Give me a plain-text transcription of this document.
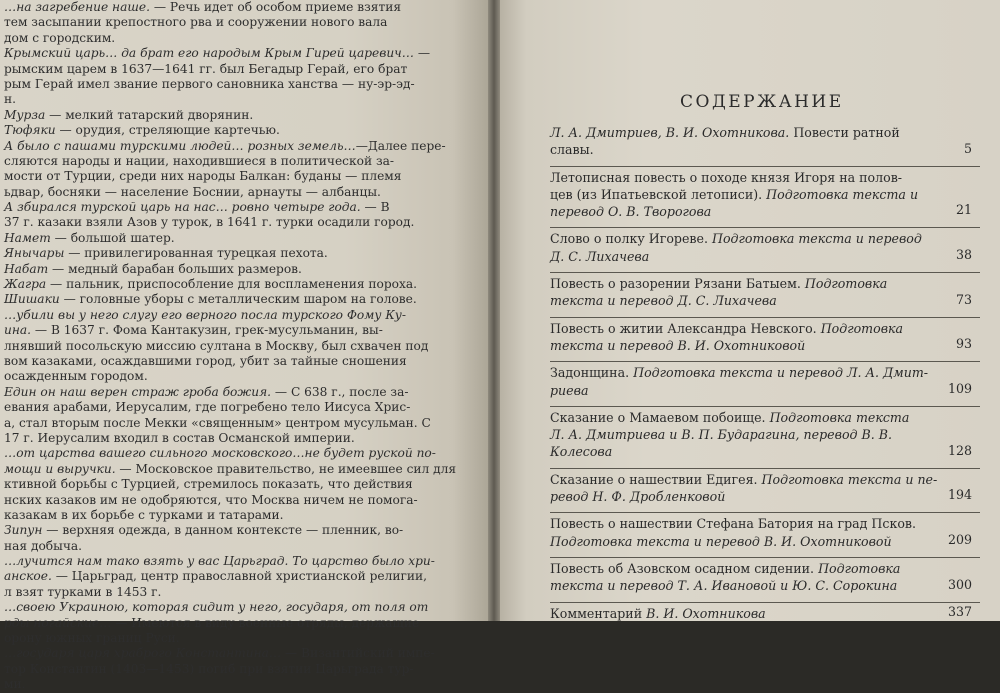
…на загребение наше. — Речь идет об особом приеме взятия
тем засыпании крепостного рва и сооружении нового вала
дом с городским.
Крымский царь… да брат его народым Крым Гирей царевич… —
рымским царем в 1637—1641 гг. был Бегадыр Герай, его брат
рым Герай имел звание первого сановника ханства — ну-эр-эд-
н.
Мурза — мелкий татарский дворянин.
Тюфяки — орудия, стреляющие картечью.
А было с пашами турскими людей… розных земель…—Далее пере-
сляются народы и нации, находившиеся в политической за-
мости от Турции, среди них народы Балкан: буданы — племя
ьдвар, босняки — население Боснии, арнауты — албанцы.
А збирался турской царь на нас… ровно четыре года. — В
37 г. казаки взяли Азов у турок, в 1641 г. турки осадили город.
Намет — большой шатер.
Янычары — привилегированная турецкая пехота.
Набат — медный барабан больших размеров.
Жагра — пальник, приспособление для воспламенения пороха.
Шишаки — головные уборы с металлическим шаром на голове.
…убили вы у него слугу его верного посла турского Фому Ку-
ина. — В 1637 г. Фома Кантакузин, грек-мусульманин, вы-
лнявший посольскую миссию султана в Москву, был схвачен под
вом казаками, осаждавшими город, убит за тайные сношения
осажденным городом.
Един он наш верен страж гроба божия. — С 638 г., после за-
евания арабами, Иерусалим, где погребено тело Иисуса Хрис-
а, стал вторым после Мекки «священным» центром мусульман. С
17 г. Иерусалим входил в состав Османской империи.
…от царства вашего сильного московского…не будет руской по-
мощи и выручки. — Московское правительство, не имеевшее сил для
ктивной борьбы с Турцией, стремилось показать, что действия
нских казаков им не одобряются, что Москва ничем не помога-
казакам в их борьбе с турками и татарами.
Зипун — верхняя одежда, в данном контексте — пленник, во-
ная добыча.
…лучится нам тако взять у вас Царьград. То царство было хри-
анское. — Царьград, центр православной христианской религии,
л взят турками в 1453 г.
…своею Украиною, которая сидит у него, государя, от поля от
рды ногайские… — Имеются в виду военные отряды, держащие
орону южных границ Руси.
…государя царя храброго Константина… — Византийский импе-
тор Константин (1403—1453) погиб при взятии Царьграда тур-
ми.
СОДЕРЖАНИЕ
Л. А. Дмитриев, В. И. Охотникова. Повести ратной
славы.	5
Летописная повесть о походе князя Игоря на полов-
цев (из Ипатьевской летописи). Подготовка текста и
перевод О. В. Творогова	21
Слово о полку Игореве. Подготовка текста и перевод
Д. С. Лихачева	38
Повесть о разорении Рязани Батыем. Подготовка
текста и перевод Д. С. Лихачева	73
Повесть о житии Александра Невского. Подготовка
текста и перевод В. И. Охотниковой	93
Задонщина. Подготовка текста и перевод Л. А. Дмит-
риева	109
Сказание о Мамаевом побоище. Подготовка текста
Л. А. Дмитриева и В. П. Бударагина, перевод В. В.
Колесова	128
Сказание о нашествии Едигея. Подготовка текста и пе-
ревод Н. Ф. Дробленковой	194
Повесть о нашествии Стефана Батория на град Псков.
Подготовка текста и перевод В. И. Охотниковой	209
Повесть об Азовском осадном сидении. Подготовка
текста и перевод Т. А. Ивановой и Ю. С. Сорокина	300
Комментарий В. И. Охотникова	337
